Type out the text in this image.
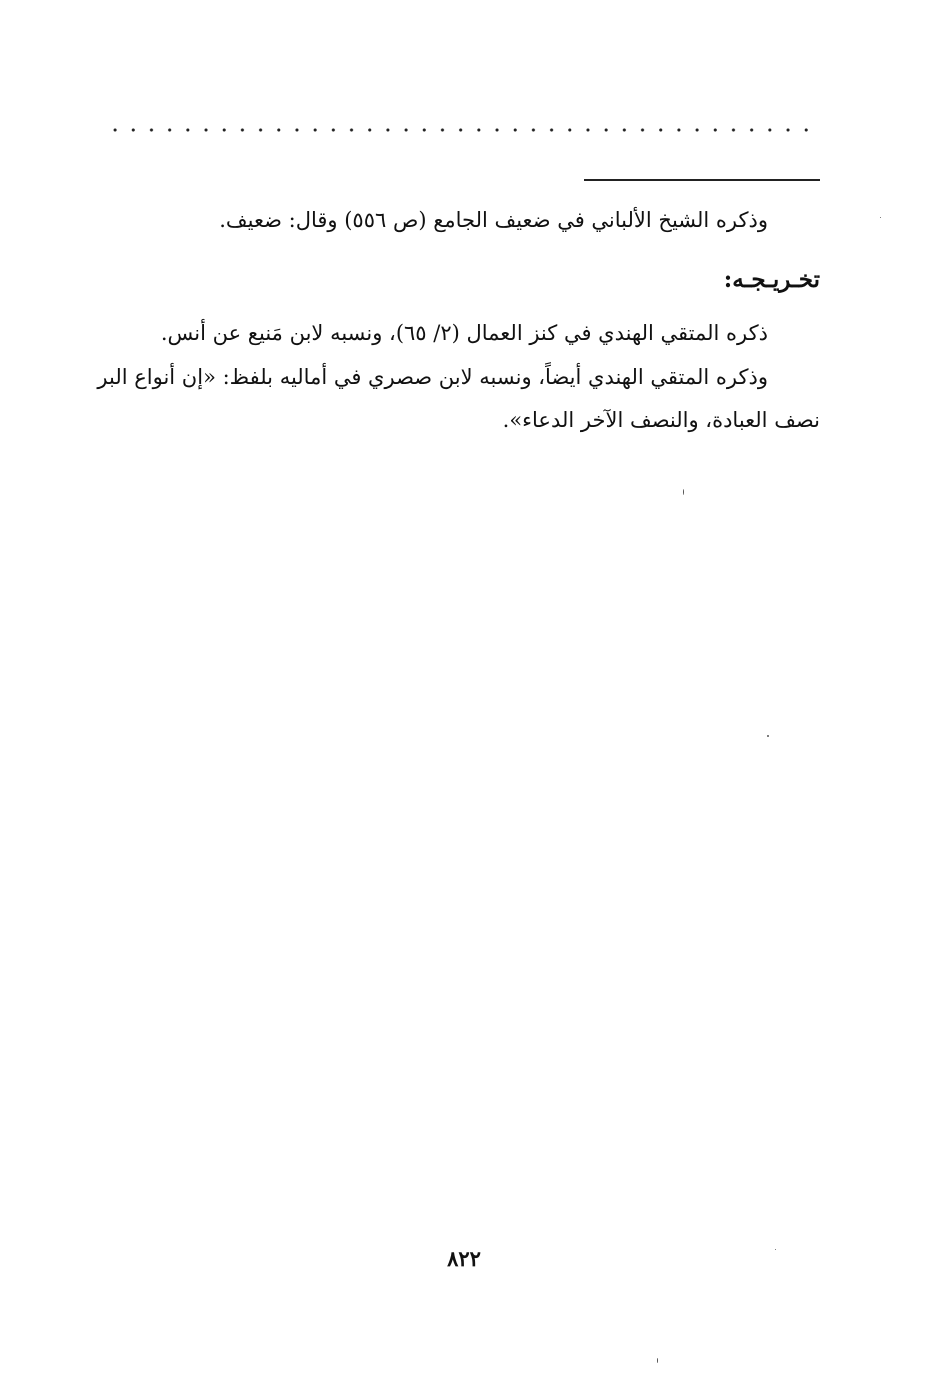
وذكره الشيخ الألباني في ضعيف الجامع (ص ٥٥٦) وقال: ضعيف.
تخـريـجـه:
ذكره المتقي الهندي في كنز العمال (٢/ ٦٥)، ونسبه لابن مَنيع عن أنس.
وذكره المتقي الهندي أيضاً، ونسبه لابن صصري في أماليه بلفظ: «إن أنواع البر
نصف العبادة، والنصف الآخر الدعاء».
٨٢٢
